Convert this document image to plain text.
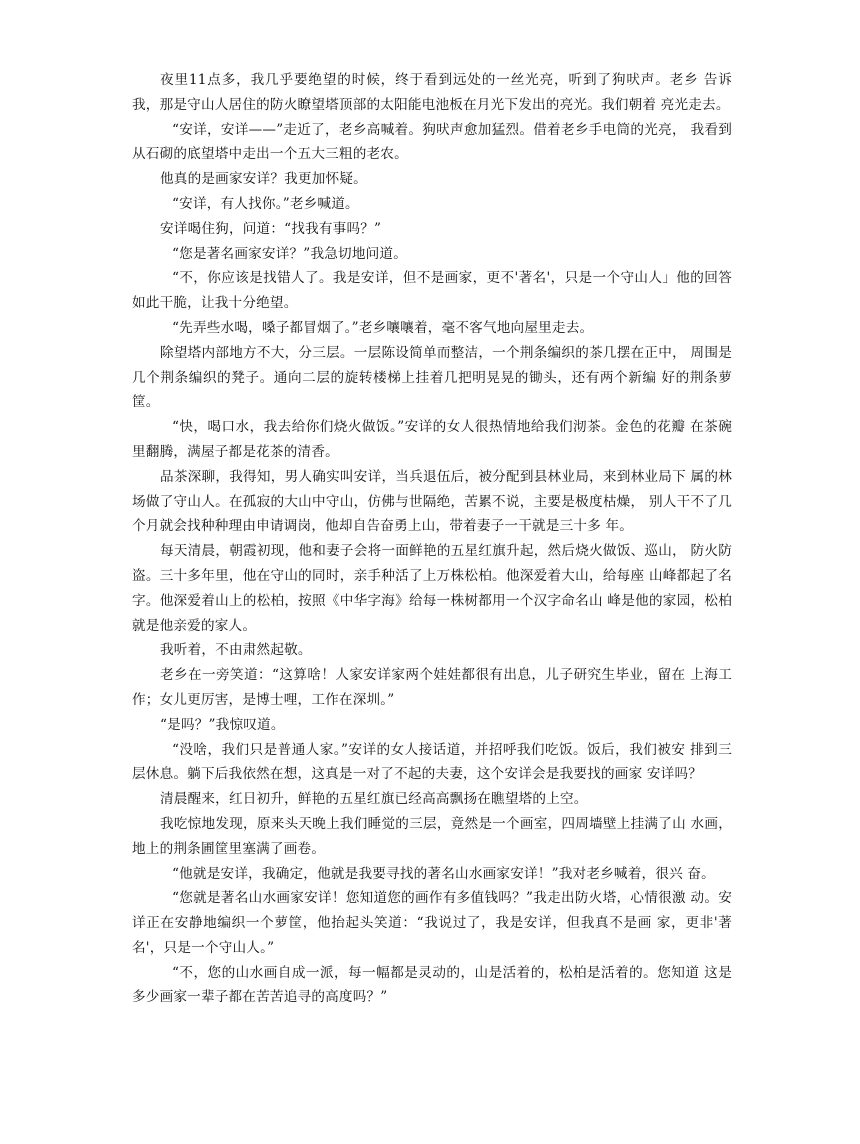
夜里11点多，我几乎要绝望的时候，终于看到远处的一丝光亮，听到了狗吠声。老乡 告诉我，那是守山人居住的防火瞭望塔顶部的太阳能电池板在月光下发出的亮光。我们朝着 亮光走去。

“安详，安详——”走近了，老乡高喊着。狗吠声愈加猛烈。借着老乡手电筒的光亮， 我看到从石砌的底望塔中走出一个五大三粗的老农。

他真的是画家安详？我更加怀疑。

“安详，有人找你。”老乡喊道。

安详喝住狗，问道：“找我有事吗？”

“您是著名画家安详？”我急切地问道。

“不，你应该是找错人了。我是安详，但不是画家，更不'著名'，只是一个守山人」他的回答如此干脆，让我十分绝望。

“先弄些水喝，嗓子都冒烟了。”老乡嚷嚷着，毫不客气地向屋里走去。

除望塔内部地方不大，分三层。一层陈设简单而整洁，一个荆条编织的茶几摆在正中， 周围是几个荆条编织的凳子。通向二层的旋转楼梯上挂着几把明晃晃的锄头，还有两个新编 好的荆条萝筐。

“快，喝口水，我去给你们烧火做饭。”安详的女人很热情地给我们沏茶。金色的花瓣 在茶碗里翻腾，满屋子都是花茶的清香。

品茶深聊，我得知，男人确实叫安详，当兵退伍后，被分配到县林业局，来到林业局下 属的林场做了守山人。在孤寂的大山中守山，仿佛与世隔绝，苦累不说，主要是极度枯燥， 别人干不了几个月就会找种种理由申请调岗，他却自告奋勇上山，带着妻子一干就是三十多 年。

每天清晨，朝霞初现，他和妻子会将一面鲜艳的五星红旗升起，然后烧火做饭、巡山， 防火防盗。三十多年里，他在守山的同时，亲手种活了上万株松柏。他深爱着大山，给每座 山峰都起了名字。他深爱着山上的松柏，按照《中华字海》给每一株树都用一个汉字命名山 峰是他的家园，松柏就是他亲爱的家人。

我听着，不由肃然起敬。

老乡在一旁笑道：“这算啥！人家安详家两个娃娃都很有出息，儿子研究生毕业，留在 上海工作；女儿更厉害，是博士哩，工作在深圳。”

“是吗？”我惊叹道。

“没啥，我们只是普通人家。”安详的女人接话道，并招呼我们吃饭。饭后，我们被安 排到三层休息。躺下后我依然在想，这真是一对了不起的夫妻，这个安详会是我要找的画家 安详吗？

清晨醒来，红日初升，鲜艳的五星红旗已经高高飘扬在瞧望塔的上空。

我吃惊地发现，原来头天晚上我们睡觉的三层，竟然是一个画室，四周墙壁上挂满了山 水画，地上的荆条圃筐里塞满了画卷。

“他就是安详，我确定，他就是我要寻找的著名山水画家安详！”我对老乡喊着，很兴 奋。

“您就是著名山水画家安详！您知道您的画作有多值钱吗？”我走出防火塔，心情很激 动。安详正在安静地编织一个萝筐，他抬起头笑道：“我说过了，我是安详，但我真不是画 家，更非'著名'，只是一个守山人。”

“不，您的山水画自成一派，每一幅都是灵动的，山是活着的，松柏是活着的。您知道 这是多少画家一辈子都在苦苦追寻的高度吗？”
